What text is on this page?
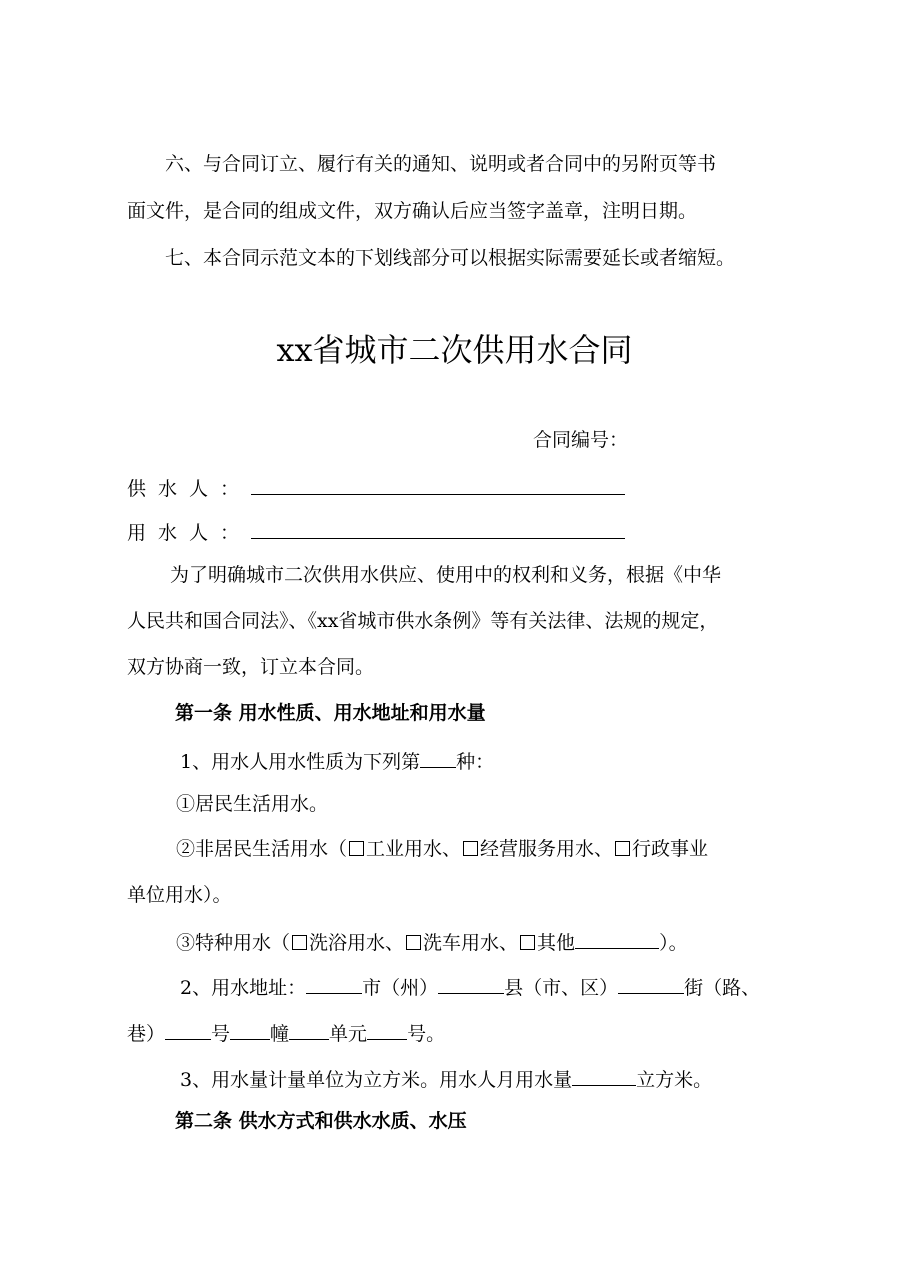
六、与合同订立、履行有关的通知、说明或者合同中的另附页等书
面文件，是合同的组成文件，双方确认后应当签字盖章，注明日期。
七、本合同示范文本的下划线部分可以根据实际需要延长或者缩短。
xx省城市二次供用水合同
合同编号：
供水人：
用水人：
为了明确城市二次供用水供应、使用中的权利和义务，根据《中华
人民共和国合同法》、《xx省城市供水条例》等有关法律、法规的规定，
双方协商一致，订立本合同。
第一条 用水性质、用水地址和用水量
1、用水人用水性质为下列第 种：
①居民生活用水。
②非居民生活用水（ 工业用水、 经营服务用水、 行政事业
单位用水）。
③特种用水（ 洗浴用水、 洗车用水、 其他	）。
2、用水地址：	市（州）	县（市、区）	街（路、
巷） 号 幢 单元 号。
3、用水量计量单位为立方米。用水人月用水量	立方米。
第二条 供水方式和供水水质、水压
